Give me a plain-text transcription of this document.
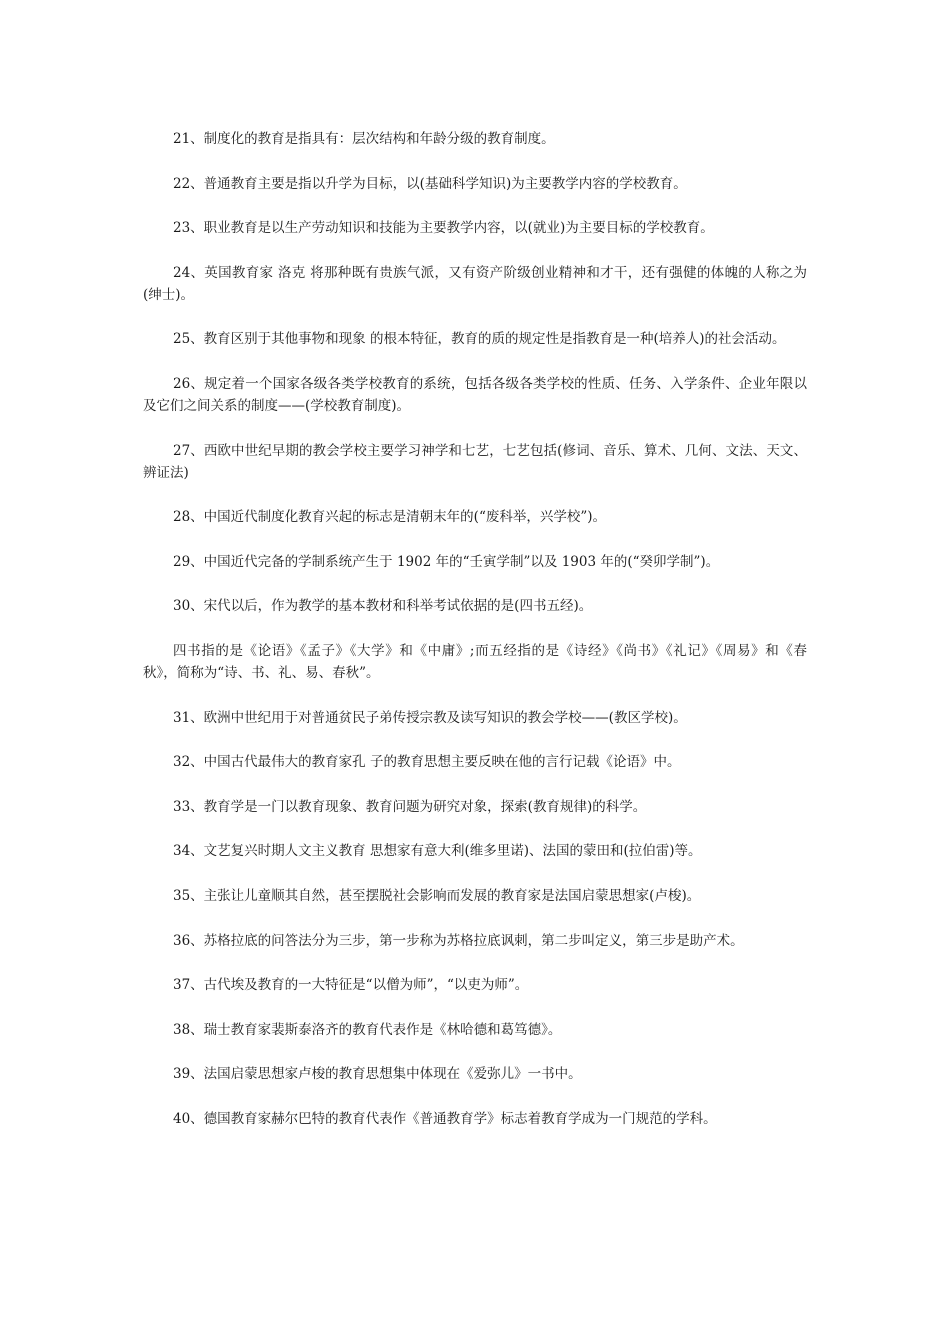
21、制度化的教育是指具有：层次结构和年龄分级的教育制度。

22、普通教育主要是指以升学为目标，以(基础科学知识)为主要教学内容的学校教育。

23、职业教育是以生产劳动知识和技能为主要教学内容，以(就业)为主要目标的学校教育。

24、英国教育家 洛克 将那种既有贵族气派，又有资产阶级创业精神和才干，还有强健的体魄的人称之为(绅士)。

25、教育区别于其他事物和现象 的根本特征，教育的质的规定性是指教育是一种(培养人)的社会活动。

26、规定着一个国家各级各类学校教育的系统，包括各级各类学校的性质、任务、入学条件、企业年限以及它们之间关系的制度——(学校教育制度)。

27、西欧中世纪早期的教会学校主要学习神学和七艺，七艺包括(修词、音乐、算术、几何、文法、天文、辨证法)

28、中国近代制度化教育兴起的标志是清朝末年的(“废科举，兴学校”)。

29、中国近代完备的学制系统产生于 1902 年的“壬寅学制”以及 1903 年的(“癸卯学制”)。

30、宋代以后，作为教学的基本教材和科举考试依据的是(四书五经)。

四书指的是《论语》《孟子》《大学》和《中庸》;而五经指的是《诗经》《尚书》《礼记》《周易》和《春秋》，简称为“诗、书、礼、易、春秋”。

31、欧洲中世纪用于对普通贫民子弟传授宗教及读写知识的教会学校——(教区学校)。

32、中国古代最伟大的教育家孔 子的教育思想主要反映在他的言行记载《论语》中。

33、教育学是一门以教育现象、教育问题为研究对象，探索(教育规律)的科学。

34、文艺复兴时期人文主义教育 思想家有意大利(维多里诺)、法国的蒙田和(拉伯雷)等。

35、主张让儿童顺其自然，甚至摆脱社会影响而发展的教育家是法国启蒙思想家(卢梭)。

36、苏格拉底的问答法分为三步，第一步称为苏格拉底讽刺，第二步叫定义，第三步是助产术。

37、古代埃及教育的一大特征是“以僧为师”，“以吏为师”。

38、瑞士教育家裴斯泰洛齐的教育代表作是《林哈德和葛笃德》。

39、法国启蒙思想家卢梭的教育思想集中体现在《爱弥儿》一书中。

40、德国教育家赫尔巴特的教育代表作《普通教育学》标志着教育学成为一门规范的学科。
